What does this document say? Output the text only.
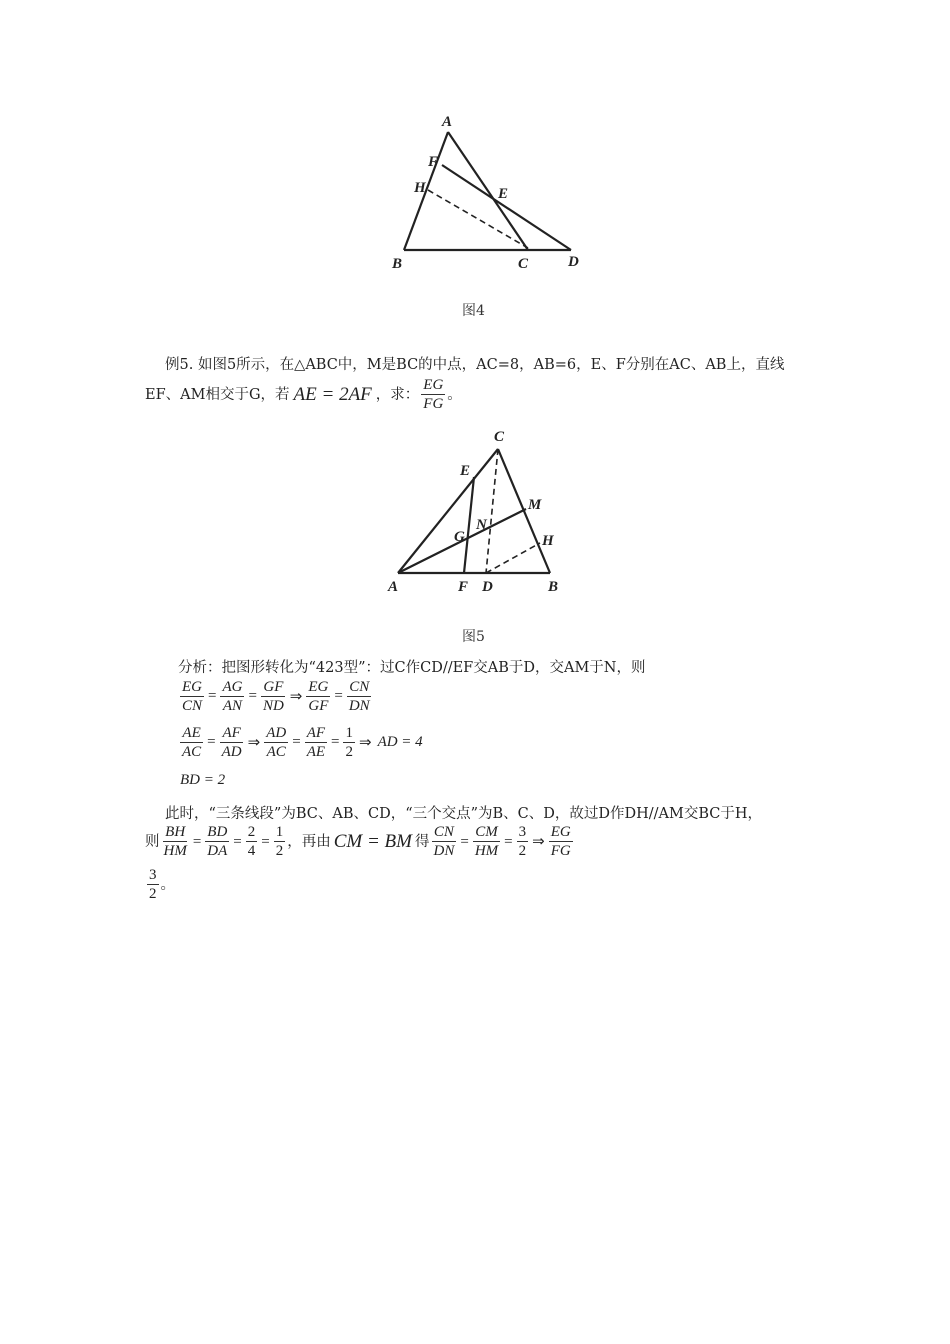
A
F
H	E
B	C	D
图4
例5. 如图5所示，在△ABC中，M是BC的中点，AC=8，AB=6，E、F分别在AC、AB上，直线
EF、AM相交于G，若 AE = 2AF ，求： $\frac{EG}{FG}$ 。
C
E
M
N
G	H
A	F D	B
图5
分析：把图形转化为“423型”：过C作CD//EF交AB于D，交AM于N，则
$\frac{EG}{CN} = \frac{AG}{AN} = \frac{GF}{ND}$ ⇒ $\frac{EG}{GF} = \frac{CN}{DN}$
$\frac{AE}{AC} = \frac{AF}{AD}$ ⇒ $\frac{AD}{AC} = \frac{AF}{AE} = \frac{1}{2}$ ⇒ AD = 4
BD = 2
此时，“三条线段”为BC、AB、CD，“三个交点”为B、C、D，故过D作DH//AM交BC于H，
则 $\frac{BH}{HM} = \frac{BD}{DA} = \frac{2}{4} = \frac{1}{2}$ ，再由 CM = BM 得 $\frac{CN}{DN} = \frac{CM}{HM} = \frac{3}{2}$ ⇒ $\frac{EG}{FG}$
$\frac{3}{2}$ 。
